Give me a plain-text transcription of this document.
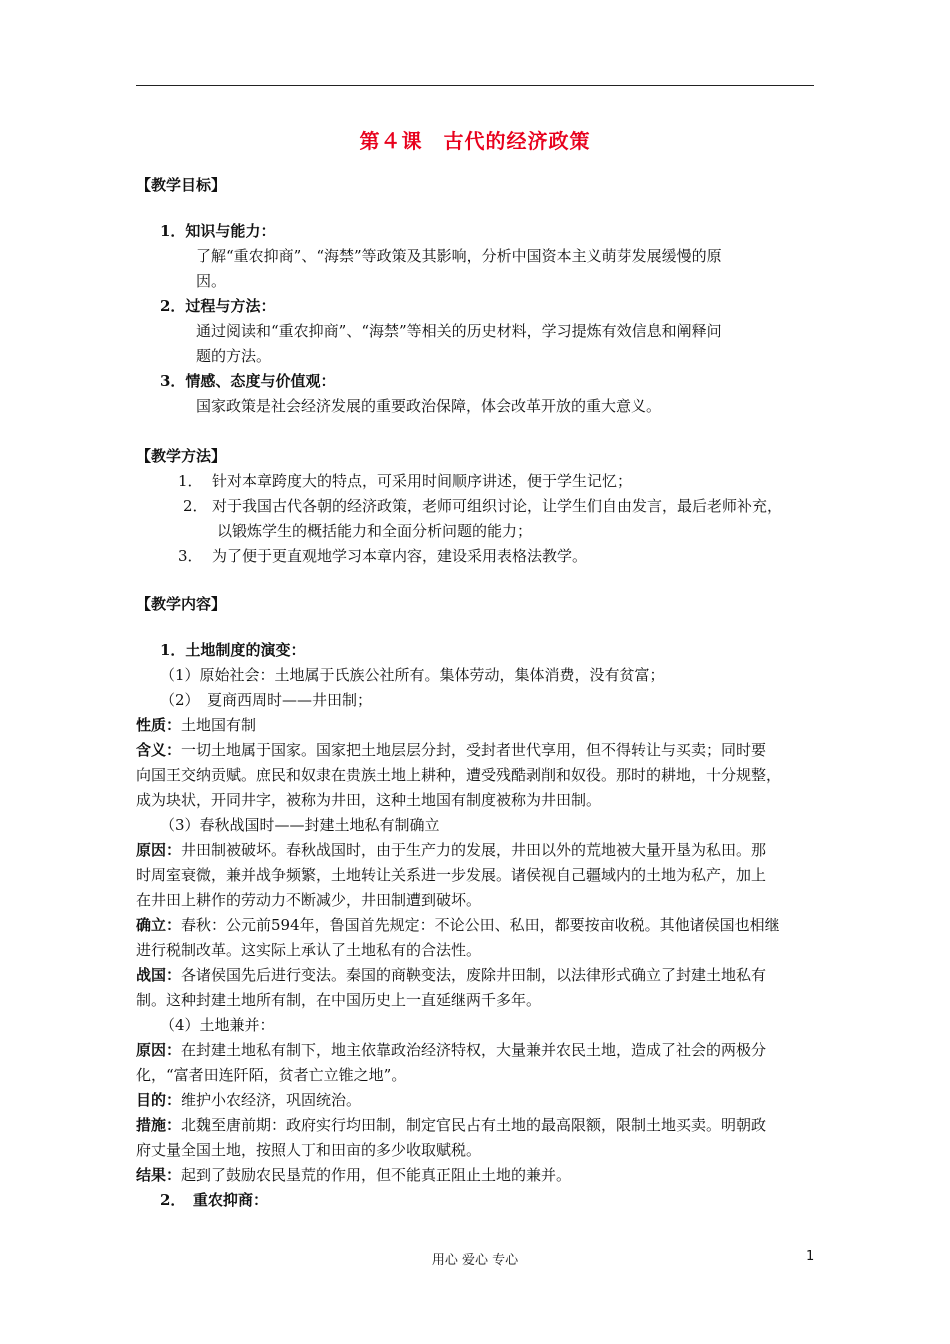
第４课　古代的经济政策
【教学目标】
1．知识与能力：
了解“重农抑商”、“海禁”等政策及其影响，分析中国资本主义萌芽发展缓慢的原
因。
2．过程与方法：
通过阅读和“重农抑商”、“海禁”等相关的历史材料，学习提炼有效信息和阐释问
题的方法。
3．情感、态度与价值观：
国家政策是社会经济发展的重要政治保障，体会改革开放的重大意义。
【教学方法】
1． 针对本章跨度大的特点，可采用时间顺序讲述，便于学生记忆；
2． 对于我国古代各朝的经济政策，老师可组织讨论，让学生们自由发言，最后老师补充，
以锻炼学生的概括能力和全面分析问题的能力；
3． 为了便于更直观地学习本章内容，建设采用表格法教学。
【教学内容】
1．土地制度的演变：
（1）原始社会：土地属于氏族公社所有。集体劳动，集体消费，没有贫富；
（2）　夏商西周时——井田制；
性质：土地国有制
含义：一切土地属于国家。国家把土地层层分封，受封者世代享用，但不得转让与买卖；同时要
向国王交纳贡赋。庶民和奴隶在贵族土地上耕种，遭受残酷剥削和奴役。那时的耕地，十分规整，
成为块状，开同井字，被称为井田，这种土地国有制度被称为井田制。
（3）春秋战国时——封建土地私有制确立
原因：井田制被破坏。春秋战国时，由于生产力的发展，井田以外的荒地被大量开垦为私田。那
时周室衰微，兼并战争频繁，土地转让关系进一步发展。诸侯视自己疆域内的土地为私产，加上
在井田上耕作的劳动力不断减少，井田制遭到破坏。
确立：春秋：公元前594年，鲁国首先规定：不论公田、私田，都要按亩收税。其他诸侯国也相继
进行税制改革。这实际上承认了土地私有的合法性。
战国：各诸侯国先后进行变法。秦国的商鞅变法，废除井田制，以法律形式确立了封建土地私有
制。这种封建土地所有制，在中国历史上一直延继两千多年。
（4）土地兼并：
原因：在封建土地私有制下，地主依靠政治经济特权，大量兼并农民土地，造成了社会的两极分
化，“富者田连阡陌，贫者亡立锥之地”。
目的：维护小农经济，巩固统治。
措施：北魏至唐前期：政府实行均田制，制定官民占有土地的最高限额，限制土地买卖。明朝政
府丈量全国土地，按照人丁和田亩的多少收取赋税。
结果：起到了鼓励农民垦荒的作用，但不能真正阻止土地的兼并。
2．　重农抑商：
用心 爱心 专心	1
